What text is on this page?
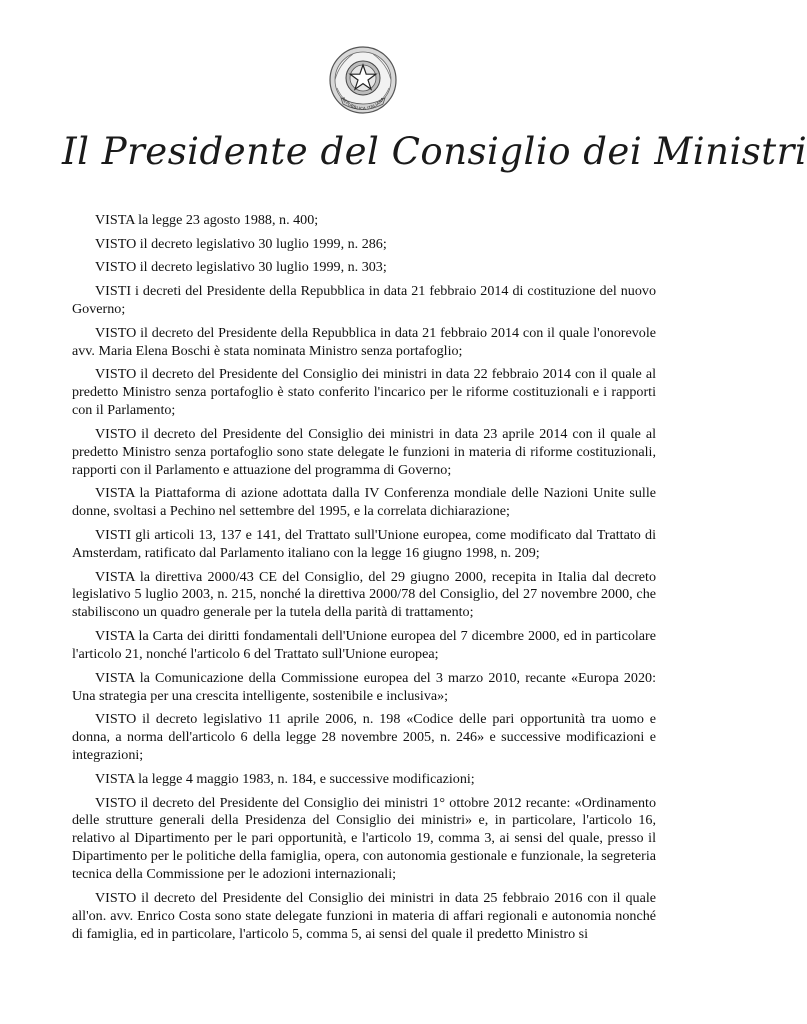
REPUBBLICA ITALIANA
Il Presidente del Consiglio dei Ministri

VISTA la legge 23 agosto 1988, n. 400;

VISTO il decreto legislativo 30 luglio 1999, n. 286;

VISTO il decreto legislativo 30 luglio 1999, n. 303;

VISTI i decreti del Presidente della Repubblica in data 21 febbraio 2014 di costituzione del nuovo Governo;

VISTO il decreto del Presidente della Repubblica in data 21 febbraio 2014 con il quale l'onorevole avv. Maria Elena Boschi è stata nominata Ministro senza portafoglio;

VISTO il decreto del Presidente del Consiglio dei ministri in data 22 febbraio 2014 con il quale al predetto Ministro senza portafoglio è stato conferito l'incarico per le riforme costituzionali e i rapporti con il Parlamento;

VISTO il decreto del Presidente del Consiglio dei ministri in data 23 aprile 2014 con il quale al predetto Ministro senza portafoglio sono state delegate le funzioni in materia di riforme costituzionali, rapporti con il Parlamento e attuazione del programma di Governo;

VISTA la Piattaforma di azione adottata dalla IV Conferenza mondiale delle Nazioni Unite sulle donne, svoltasi a Pechino nel settembre del 1995, e la correlata dichiarazione;

VISTI gli articoli 13, 137 e 141, del Trattato sull'Unione europea, come modificato dal Trattato di Amsterdam, ratificato dal Parlamento italiano con la legge 16 giugno 1998, n. 209;

VISTA la direttiva 2000/43 CE del Consiglio, del 29 giugno 2000, recepita in Italia dal decreto legislativo 5 luglio 2003, n. 215, nonché la direttiva 2000/78 del Consiglio, del 27 novembre 2000, che stabiliscono un quadro generale per la tutela della parità di trattamento;

VISTA la Carta dei diritti fondamentali dell'Unione europea del 7 dicembre 2000, ed in particolare l'articolo 21, nonché l'articolo 6 del Trattato sull'Unione europea;

VISTA la Comunicazione della Commissione europea del 3 marzo 2010, recante «Europa 2020: Una strategia per una crescita intelligente, sostenibile e inclusiva»;

VISTO il decreto legislativo 11 aprile 2006, n. 198 «Codice delle pari opportunità tra uomo e donna, a norma dell'articolo 6 della legge 28 novembre 2005, n. 246» e successive modificazioni e integrazioni;

VISTA la legge 4 maggio 1983, n. 184, e successive modificazioni;

VISTO il decreto del Presidente del Consiglio dei ministri 1° ottobre 2012 recante: «Ordinamento delle strutture generali della Presidenza del Consiglio dei ministri» e, in particolare, l'articolo 16, relativo al Dipartimento per le pari opportunità, e l'articolo 19, comma 3, ai sensi del quale, presso il Dipartimento per le politiche della famiglia, opera, con autonomia gestionale e funzionale, la segreteria tecnica della Commissione per le adozioni internazionali;

VISTO il decreto del Presidente del Consiglio dei ministri in data 25 febbraio 2016 con il quale all'on. avv. Enrico Costa sono state delegate funzioni in materia di affari regionali e autonomia nonché di famiglia, ed in particolare, l'articolo 5, comma 5, ai sensi del quale il predetto Ministro si
